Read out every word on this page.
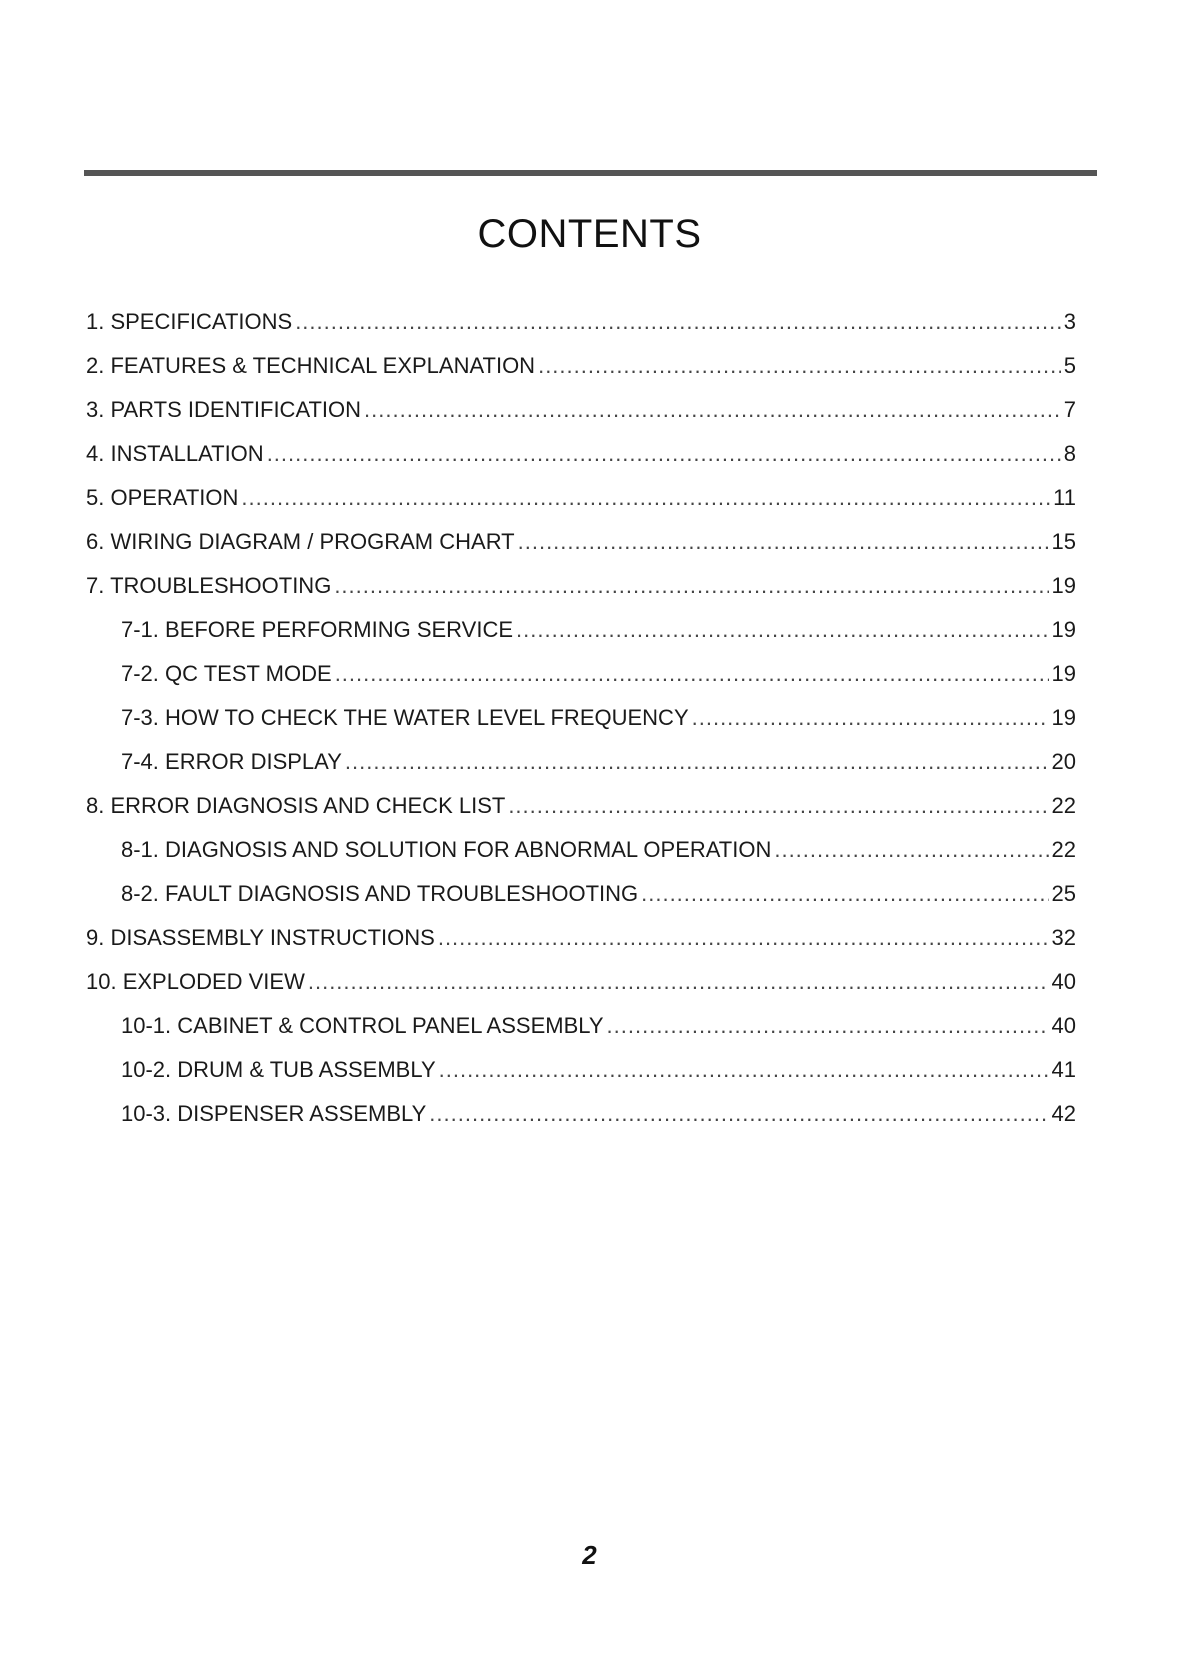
CONTENTS
1. SPECIFICATIONS .....	3
2. FEATURES & TECHNICAL EXPLANATION .....	5
3. PARTS IDENTIFICATION .....	7
4. INSTALLATION .....	8
5. OPERATION .....	11
6. WIRING DIAGRAM / PROGRAM CHART .....	15
7. TROUBLESHOOTING .....	19
7-1. BEFORE PERFORMING SERVICE .....	19
7-2. QC TEST MODE .....	19
7-3. HOW TO CHECK THE WATER LEVEL FREQUENCY .....	19
7-4. ERROR DISPLAY .....	20
8. ERROR DIAGNOSIS AND CHECK LIST .....	22
8-1. DIAGNOSIS AND SOLUTION FOR ABNORMAL OPERATION .....	22
8-2. FAULT DIAGNOSIS AND TROUBLESHOOTING .....	25
9. DISASSEMBLY INSTRUCTIONS .....	32
10. EXPLODED VIEW .....	40
10-1. CABINET & CONTROL PANEL ASSEMBLY .....	40
10-2. DRUM & TUB ASSEMBLY .....	41
10-3. DISPENSER ASSEMBLY .....	42
2
